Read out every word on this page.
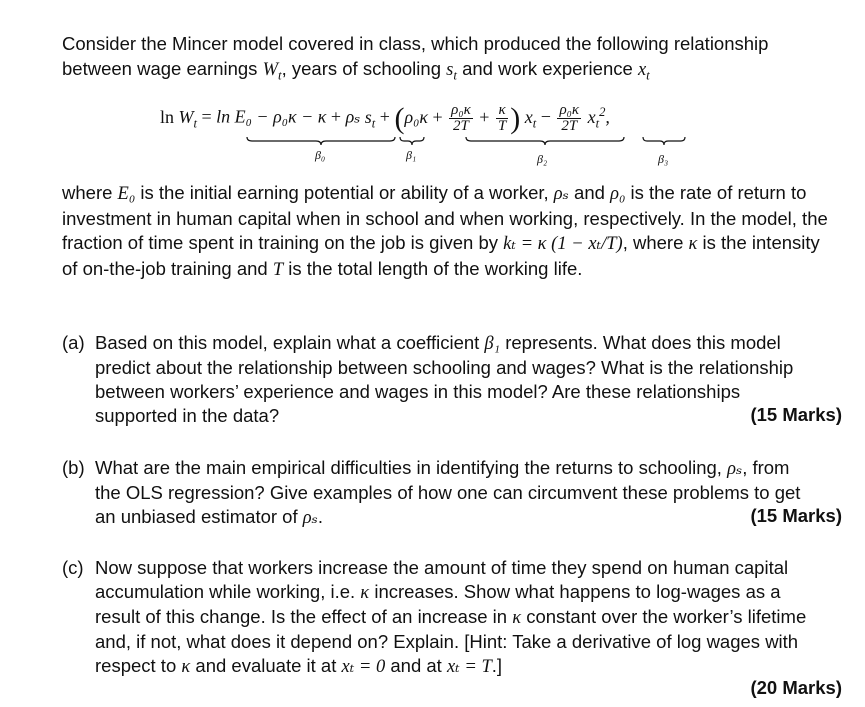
Consider the Mincer model covered in class, which produced the following relationship between wage earnings $W_t$, years of schooling $s_t$ and work experience $x_t$
$\ln W_t = \ln E_0 - \rho_0\kappa - \kappa + \rho_s$ $s_t + (\rho_0\kappa + \frac{\text{ρ₀κ}}{2T} + \frac{\kappa}{T}$ ) $x_t - \frac{\text{ρ₀κ}}{2T} x_t^2$,
β₀	β₁	β₂	β₃
where E₀ is the initial earning potential or ability of a worker, ρₛ and ρ₀ is the rate of return to investment in human capital when in school and when working, respectively. In the model, the fraction of time spent in training on the job is given by kₜ = κ (1 − xₜ/T), where κ is the intensity of on-the-job training and T is the total length of the working life.
(a) Based on this model, explain what a coefficient β₁ represents. What does this model predict about the relationship between schooling and wages? What is the relationship between workers’ experience and wages in this model? Are these relationships supported in the data?	(15 Marks)
(b) What are the main empirical difficulties in identifying the returns to schooling, ρₛ, from the OLS regression? Give examples of how one can circumvent these problems to get an unbiased estimator of ρₛ.	(15 Marks)
(c) Now suppose that workers increase the amount of time they spend on human capital accumulation while working, i.e. κ increases. Show what happens to log-wages as a result of this change. Is the effect of an increase in κ constant over the worker’s lifetime and, if not, what does it depend on? Explain. [Hint: Take a derivative of log wages with respect to κ and evaluate it at xₜ = 0 and at xₜ = T.]
(20 Marks)
